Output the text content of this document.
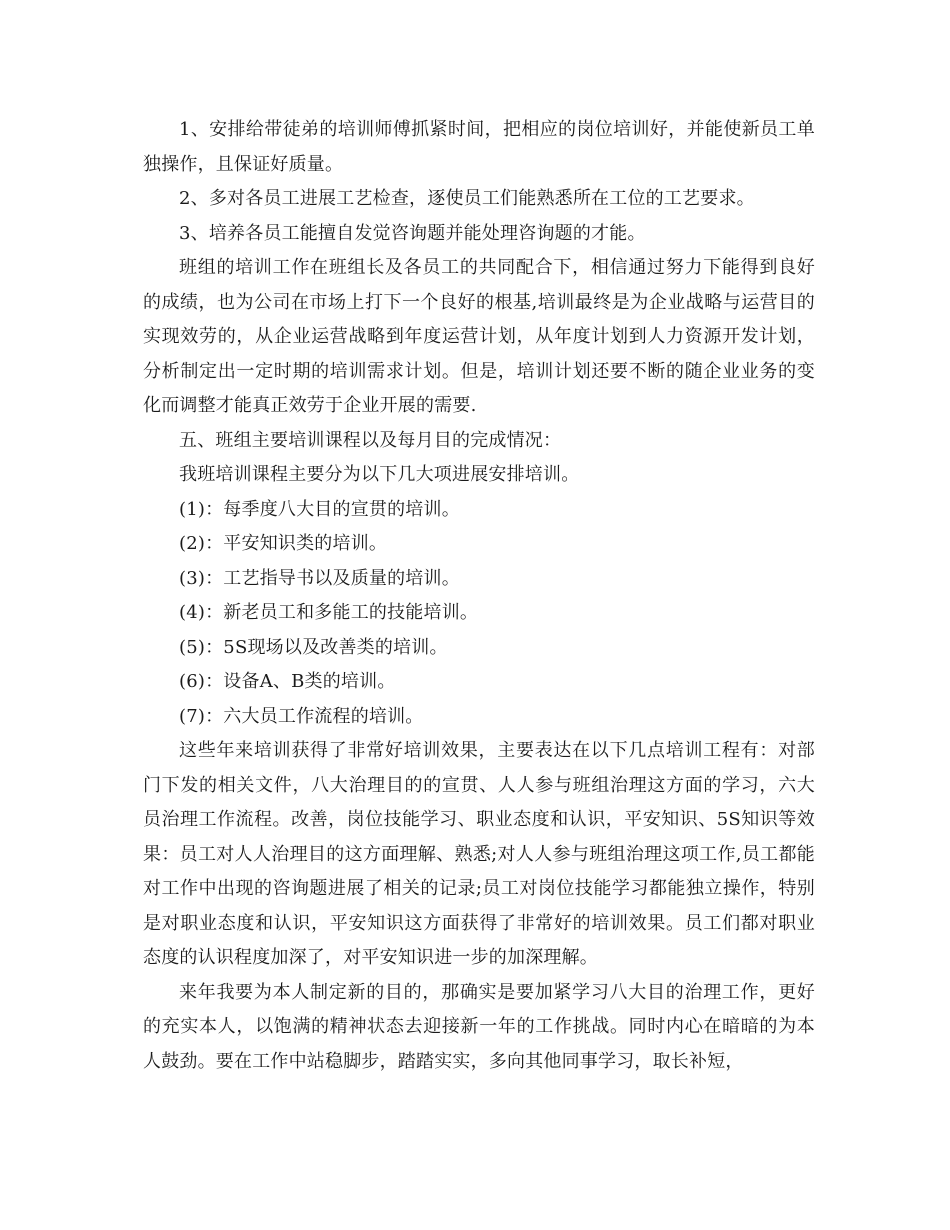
1、安排给带徒弟的培训师傅抓紧时间，把相应的岗位培训好，并能使新员工单独操作，且保证好质量。

2、多对各员工进展工艺检查，逐使员工们能熟悉所在工位的工艺要求。

3、培养各员工能擅自发觉咨询题并能处理咨询题的才能。

班组的培训工作在班组长及各员工的共同配合下，相信通过努力下能得到良好的成绩，也为公司在市场上打下一个良好的根基,培训最终是为企业战略与运营目的实现效劳的，从企业运营战略到年度运营计划，从年度计划到人力资源开发计划，分析制定出一定时期的培训需求计划。但是，培训计划还要不断的随企业业务的变化而调整才能真正效劳于企业开展的需要.

五、班组主要培训课程以及每月目的完成情况：

我班培训课程主要分为以下几大项进展安排培训。

(1)：每季度八大目的宣贯的培训。

(2)：平安知识类的培训。

(3)：工艺指导书以及质量的培训。

(4)：新老员工和多能工的技能培训。

(5)：5S现场以及改善类的培训。

(6)：设备A、B类的培训。

(7)：六大员工作流程的培训。

这些年来培训获得了非常好培训效果，主要表达在以下几点培训工程有：对部门下发的相关文件，八大治理目的的宣贯、人人参与班组治理这方面的学习，六大员治理工作流程。改善，岗位技能学习、职业态度和认识，平安知识、5S知识等效果：员工对人人治理目的这方面理解、熟悉;对人人参与班组治理这项工作,员工都能对工作中出现的咨询题进展了相关的记录;员工对岗位技能学习都能独立操作，特别是对职业态度和认识，平安知识这方面获得了非常好的培训效果。员工们都对职业态度的认识程度加深了，对平安知识进一步的加深理解。

来年我要为本人制定新的目的，那确实是要加紧学习八大目的治理工作，更好的充实本人，以饱满的精神状态去迎接新一年的工作挑战。同时内心在暗暗的为本人鼓劲。要在工作中站稳脚步，踏踏实实，多向其他同事学习，取长补短，
